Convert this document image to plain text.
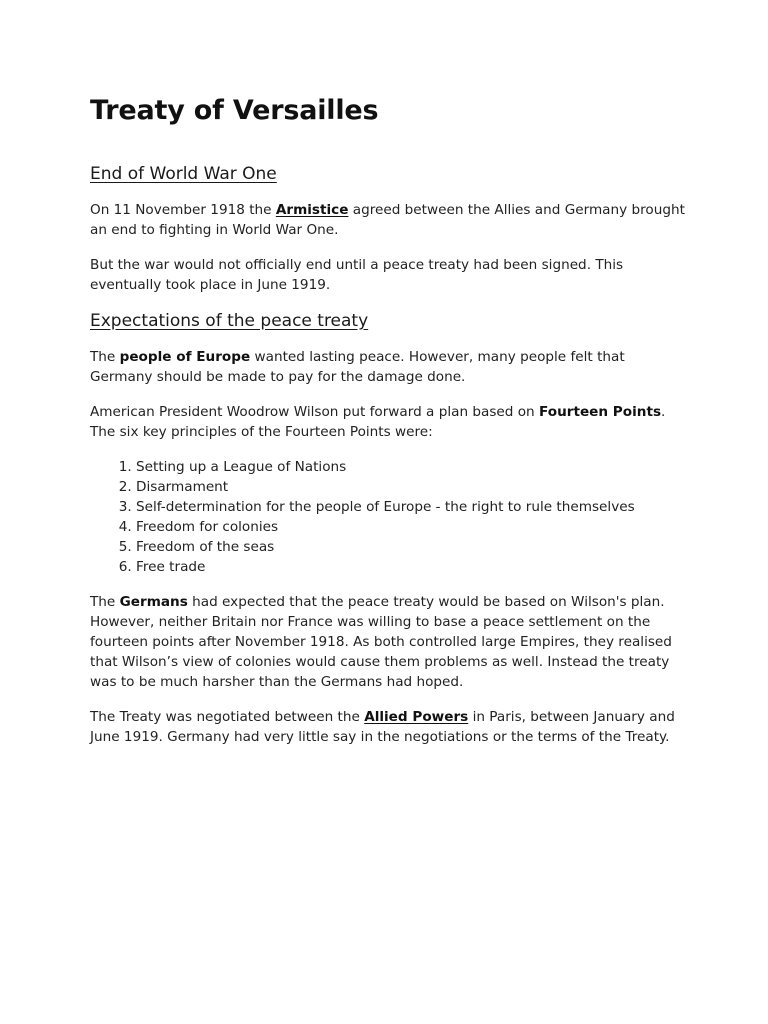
Treaty of Versailles
End of World War One

On 11 November 1918 the Armistice agreed between the Allies and Germany brought an end to fighting in World War One.

But the war would not officially end until a peace treaty had been signed. This eventually took place in June 1919.

Expectations of the peace treaty

The people of Europe wanted lasting peace. However, many people felt that Germany should be made to pay for the damage done.

American President Woodrow Wilson put forward a plan based on Fourteen Points. The six key principles of the Fourteen Points were:

1. Setting up a League of Nations
2. Disarmament
3. Self-determination for the people of Europe - the right to rule themselves
4. Freedom for colonies
5. Freedom of the seas
6. Free trade

The Germans had expected that the peace treaty would be based on Wilson's plan. However, neither Britain nor France was willing to base a peace settlement on the fourteen points after November 1918. As both controlled large Empires, they realised that Wilson’s view of colonies would cause them problems as well. Instead the treaty was to be much harsher than the Germans had hoped.

The Treaty was negotiated between the Allied Powers in Paris, between January and June 1919. Germany had very little say in the negotiations or the terms of the Treaty.
